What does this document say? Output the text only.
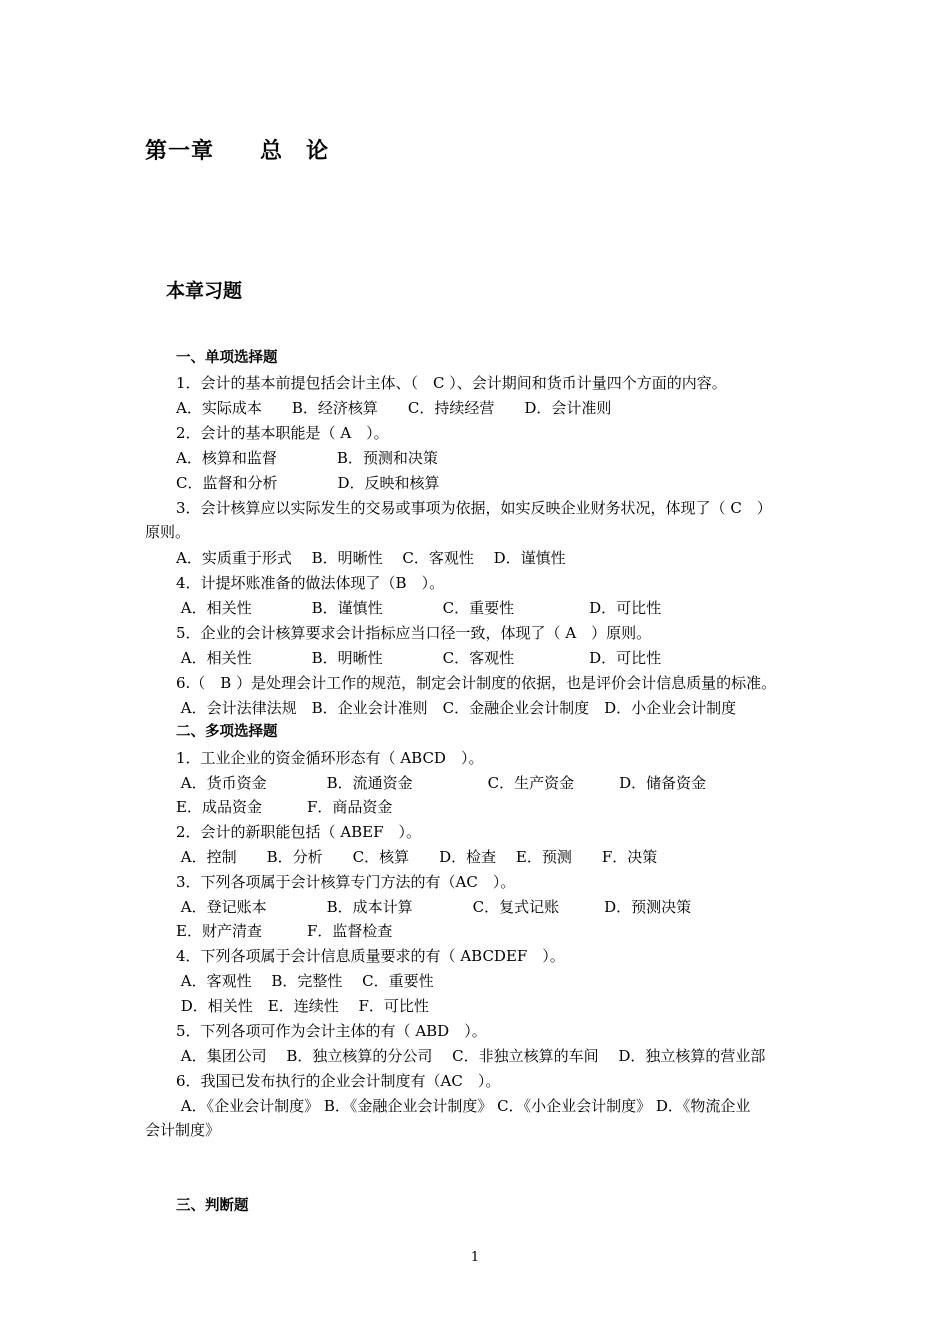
第一章　　总　论
本章习题
一、单项选择题
1．会计的基本前提包括会计主体、（　C ）、会计期间和货币计量四个方面的内容。
A．实际成本　　B．经济核算　　C．持续经营　　D．会计准则
2．会计的基本职能是（ A　）。
A．核算和监督　　　　B．预测和决策
C．监督和分析　　　　D．反映和核算
3．会计核算应以实际发生的交易或事项为依据，如实反映企业财务状况，体现了（ C　）
原则。
A．实质重于形式　 B．明晰性　 C．客观性　 D．谨慎性
4．计提坏账准备的做法体现了（B　）。
A．相关性　　　　B．谨慎性　　　　C．重要性　　　　　D．可比性
5．企业的会计核算要求会计指标应当口径一致，体现了（ A　）原则。
A．相关性　　　　B．明晰性　　　　C．客观性　　　　　D．可比性
6.（　B ）是处理会计工作的规范，制定会计制度的依据，也是评价会计信息质量的标准。
A．会计法律法规　B．企业会计准则　C．金融企业会计制度　D．小企业会计制度
二、多项选择题
1．工业企业的资金循环形态有（ ABCD　）。
A．货币资金　　　　B．流通资金　　　　　C．生产资金　　　D．储备资金
E．成品资金　　　F．商品资金
2．会计的新职能包括（ ABEF　）。
A．控制　　B．分析　　C．核算　　D．检查　 E．预测　　F．决策
3．下列各项属于会计核算专门方法的有（AC　）。
A．登记账本　　　　B．成本计算　　　　C．复式记账　　　D．预测决策
E．财产清查　　　F．监督检查
4．下列各项属于会计信息质量要求的有（ ABCDEF　）。
A．客观性　 B．完整性　 C．重要性
D．相关性　E．连续性　 F．可比性
5．下列各项可作为会计主体的有（ ABD　）。
A．集团公司　 B．独立核算的分公司　 C．非独立核算的车间　 D．独立核算的营业部
6．我国已发布执行的企业会计制度有（AC　）。
A．《企业会计制度》 B．《金融企业会计制度》 C．《小企业会计制度》 D．《物流企业
会计制度》
三、判断题
1
